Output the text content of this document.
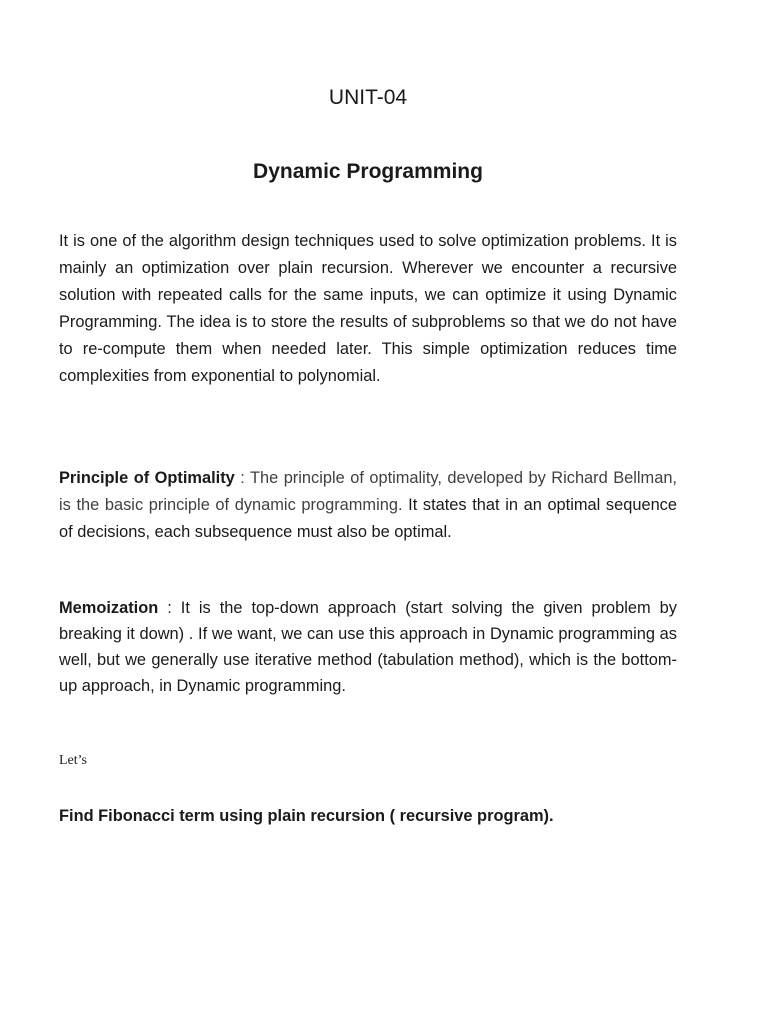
UNIT-04
Dynamic Programming

It is one of the algorithm design techniques used to solve optimization problems. It is mainly an optimization over plain recursion. Wherever we encounter a recursive solution with repeated calls for the same inputs, we can optimize it using Dynamic Programming. The idea is to store the results of subproblems so that we do not have to re-compute them when needed later. This simple optimization reduces time complexities from exponential to polynomial.

Principle of Optimality : The principle of optimality, developed by Richard Bellman, is the basic principle of dynamic programming. It states that in an optimal sequence of decisions, each subsequence must also be optimal.

Memoization : It is the top-down approach (start solving the given problem by breaking it down) . If we want, we can use this approach in Dynamic programming as well, but we generally use iterative method (tabulation method), which is the bottom-up approach, in Dynamic programming.

Let’s

Find Fibonacci term using plain recursion ( recursive program).
